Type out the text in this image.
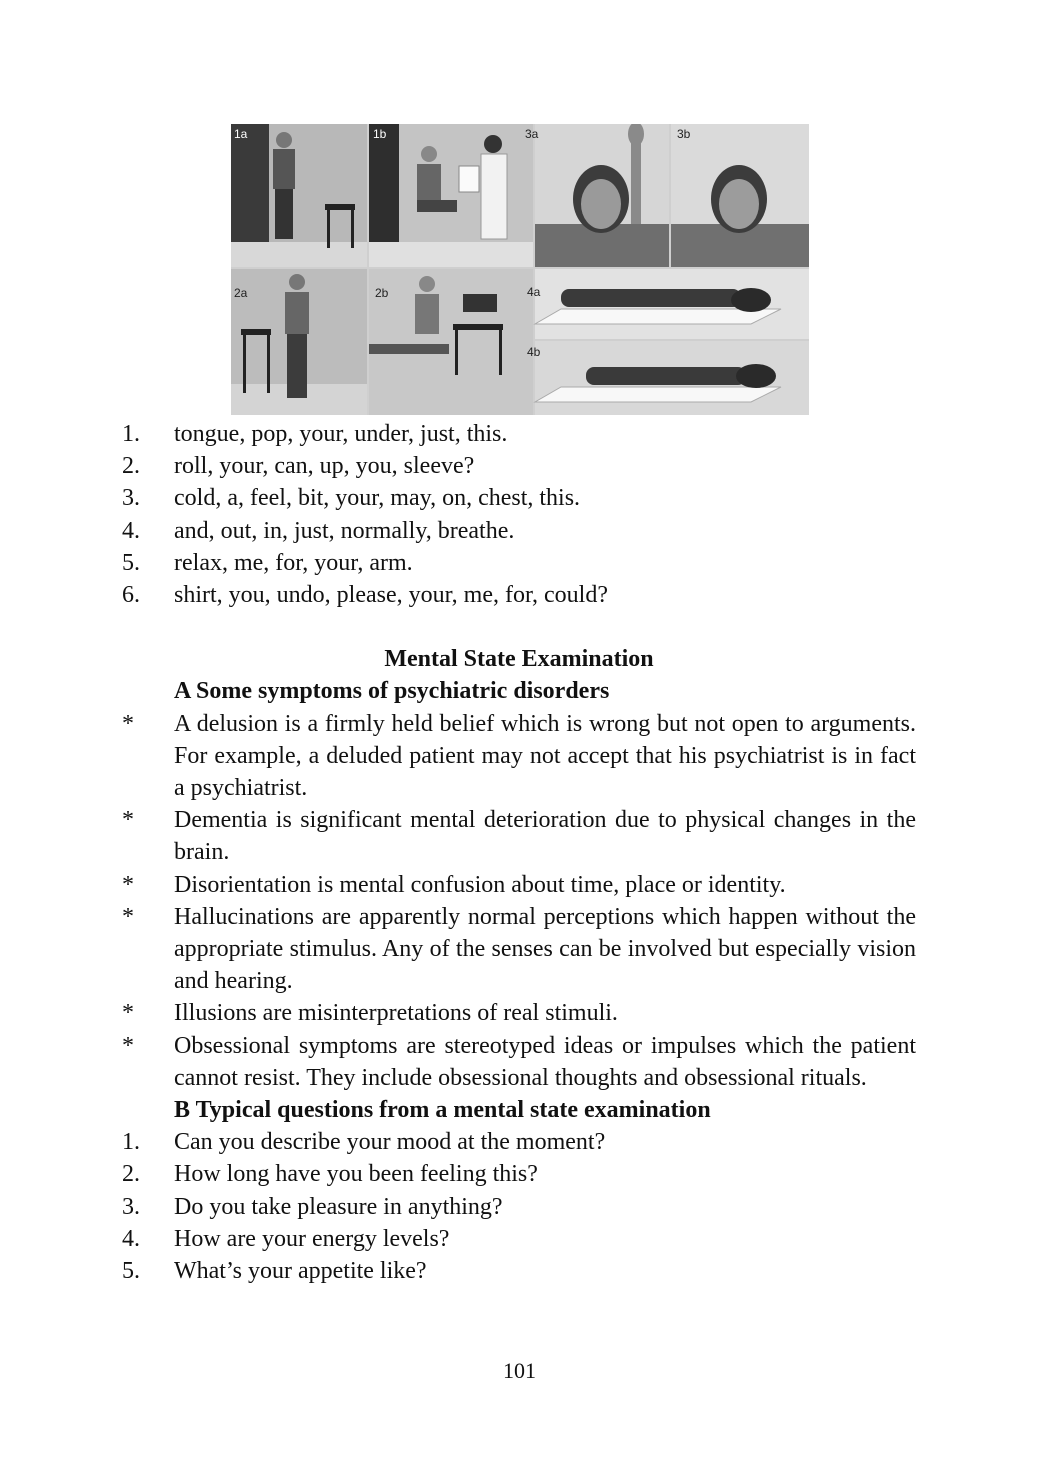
1a	1b	3a	3b
2a	2b	4a
4b
1.	tongue, pop, your, under, just, this.
2.	roll, your, can, up, you, sleeve?
3.	cold, a, feel, bit, your, may, on, chest, this.
4.	and, out, in, just, normally, breathe.
5.	relax, me, for, your, arm.
6.	shirt, you, undo, please, your, me, for, could?
Mental State Examination
A Some symptoms of psychiatric disorders
*	A delusion is a firmly held belief which is wrong but not open to arguments. For example, a deluded patient may not accept that his psychiatrist is in fact a psychiatrist.
*	Dementia is significant mental deterioration due to physical changes in the brain.
*	Disorientation is mental confusion about time, place or identity.
*	Hallucinations are apparently normal perceptions which happen without the appropriate stimulus. Any of the senses can be involved but especially vision and hearing.
*	Illusions are misinterpretations of real stimuli.
*	Obsessional symptoms are stereotyped ideas or impulses which the patient cannot resist. They include obsessional thoughts and obsessional rituals.
B Typical questions from a mental state examination
1.	Can you describe your mood at the moment?
2.	How long have you been feeling this?
3.	Do you take pleasure in anything?
4.	How are your energy levels?
5.	What’s your appetite like?
101
